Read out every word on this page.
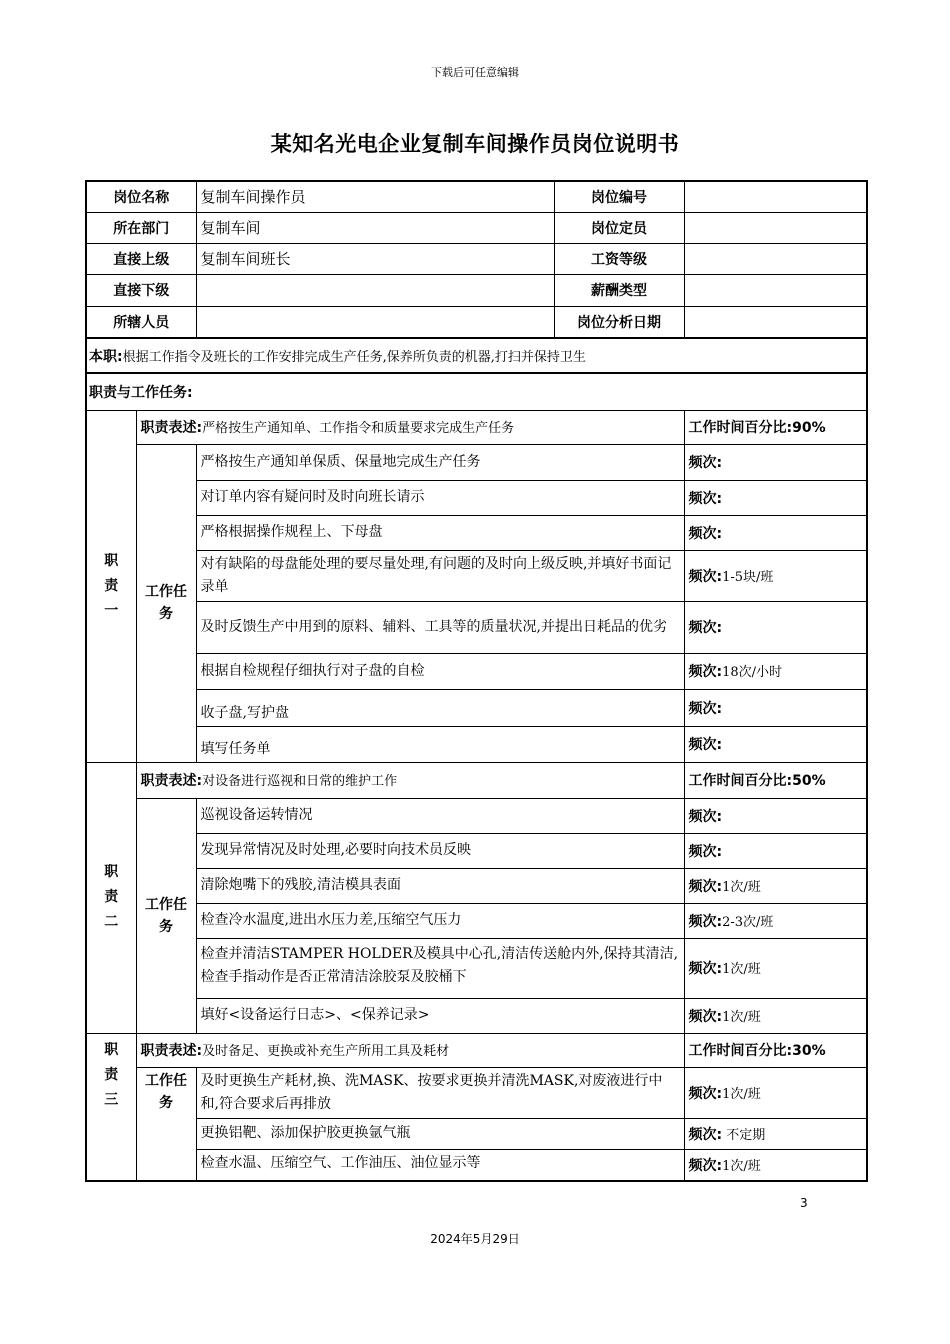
下载后可任意编辑
某知名光电企业复制车间操作员岗位说明书
岗位名称		复制车间操作员	岗位编号	
所在部门		复制车间	岗位定员	
直接上级		复制车间班长	工资等级	
直接下级			薪酬类型	
所辖人员			岗位分析日期	
本职:根据工作指令及班长的工作安排完成生产任务,保养所负责的机器,打扫并保持卫生				
职责与工作任务:				
职
责
一	职责表述:严格按生产通知单、工作指令和质量要求完成生产任务			工作时间百分比:90%
	工作任务	严格按生产通知单保质、保量地完成生产任务		频次:
		对订单内容有疑问时及时向班长请示		频次:
		严格根据操作规程上、下母盘		频次:
		对有缺陷的母盘能处理的要尽量处理,有问题的及时向上级反映,并填好书面记录单		频次:1-5块/班
		及时反馈生产中用到的原料、辅料、工具等的质量状况,并提出日耗品的优劣		频次:
		根据自检规程仔细执行对子盘的自检		频次:18次/小时
		收子盘,写护盘		频次:
		填写任务单		频次:
职
责
二	职责表述:对设备进行巡视和日常的维护工作			工作时间百分比:50%
	工作任务	巡视设备运转情况		频次:
		发现异常情况及时处理,必要时向技术员反映		频次:
		清除炮嘴下的残胶,清洁模具表面		频次:1次/班
		检查冷水温度,进出水压力差,压缩空气压力		频次:2-3次/班

		检查并清洁STAMPER HOLDER及模具中心孔,清洁传送舱内外,保持其清洁,检查手指动作是否正常清洁涂胶泵及胶桶下		频次:1次/班
		填好<设备运行日志>、<保养记录>		频次:1次/班
职
责
三	职责表述:及时备足、更换或补充生产所用工具及耗材			工作时间百分比:30%
	工作任务	及时更换生产耗材,换、洗MASK、按要求更换并清洗MASK,对废液进行中和,符合要求后再排放		频次:1次/班
		更换铝靶、添加保护胶更换氩气瓶		频次: 不定期
		检查水温、压缩空气、工作油压、油位显示等		频次:1次/班
3
2024年5月29日
